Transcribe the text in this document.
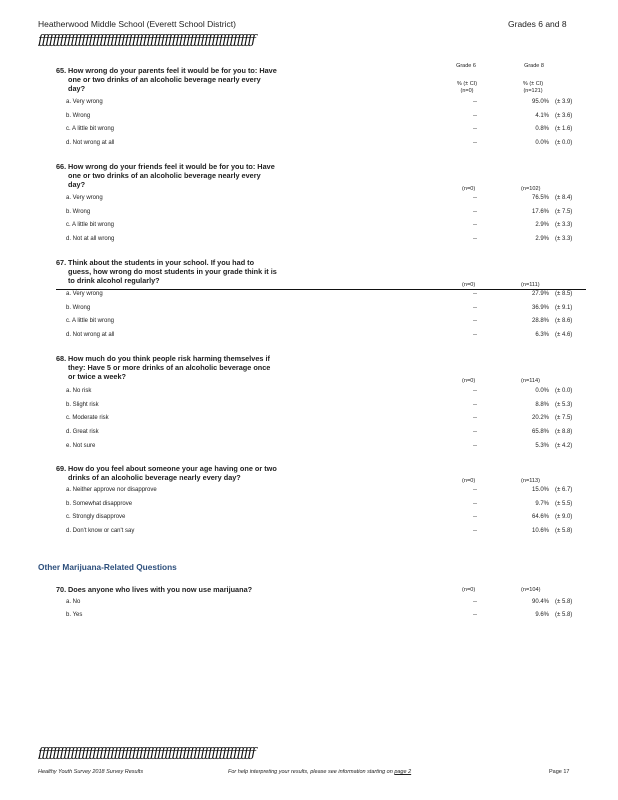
Heatherwood Middle School (Everett School District)	Grades 6 and 8
ƒƒƒƒƒƒƒƒƒƒƒƒƒƒƒƒƒƒƒƒƒƒƒƒƒƒƒƒƒƒƒƒƒƒƒƒƒƒƒƒƒƒƒƒƒƒƒƒƒƒƒƒƒƒƒƒƒƒƒƒ
Grade 6	Grade 8
% (± CI)	% (± CI)
(n=0)	(n=121)
65. How wrong do your parents feel it would be for you to: Have
one or two drinks of an alcoholic beverage nearly every
day?
a. Very wrong	--	95.0% (± 3.9)
b. Wrong	--	4.1% (± 3.6)
c. A little bit wrong	--	0.8% (± 1.6)
d. Not wrong at all	--	0.0% (± 0.0)
66. How wrong do your friends feel it would be for you to: Have
one or two drinks of an alcoholic beverage nearly every
day?	(n=0)	(n=102)
a. Very wrong	--	76.5% (± 8.4)
b. Wrong	--	17.6% (± 7.5)
c. A little bit wrong	--	2.9% (± 3.3)
d. Not at all wrong	--	2.9% (± 3.3)
67. Think about the students in your school. If you had to
guess, how wrong do most students in your grade think it is
to drink alcohol regularly?	(n=0)	(n=111)
a. Very wrong	--	27.9% (± 8.5)
b. Wrong	--	36.9% (± 9.1)
c. A little bit wrong	--	28.8% (± 8.6)
d. Not wrong at all	--	6.3% (± 4.6)
68. How much do you think people risk harming themselves if
they: Have 5 or more drinks of an alcoholic beverage once
or twice a week?	(n=0)	(n=114)
a. No risk	--	0.0% (± 0.0)
b. Slight risk	--	8.8% (± 5.3)
c. Moderate risk	--	20.2% (± 7.5)
d. Great risk	--	65.8% (± 8.8)
e. Not sure	--	5.3% (± 4.2)
69. How do you feel about someone your age having one or two
drinks of an alcoholic beverage nearly every day?	(n=0)	(n=113)
a. Neither approve nor disapprove	--	15.0% (± 6.7)
b. Somewhat disapprove	--	9.7% (± 5.5)
c. Strongly disapprove	--	64.6% (± 9.0)
d. Don't know or can't say	--	10.6% (± 5.8)
70. Does anyone who lives with you now use marijuana?	(n=0)	(n=104)
a. No	--	90.4% (± 5.8)
b. Yes	--	9.6% (± 5.8)
Other Marijuana-Related Questions
ƒƒƒƒƒƒƒƒƒƒƒƒƒƒƒƒƒƒƒƒƒƒƒƒƒƒƒƒƒƒƒƒƒƒƒƒƒƒƒƒƒƒƒƒƒƒƒƒƒƒƒƒƒƒƒƒƒƒƒƒ
Healthy Youth Survey 2018 Survey Results	For help interpreting your results, please see information starting on page 2	Page 17
